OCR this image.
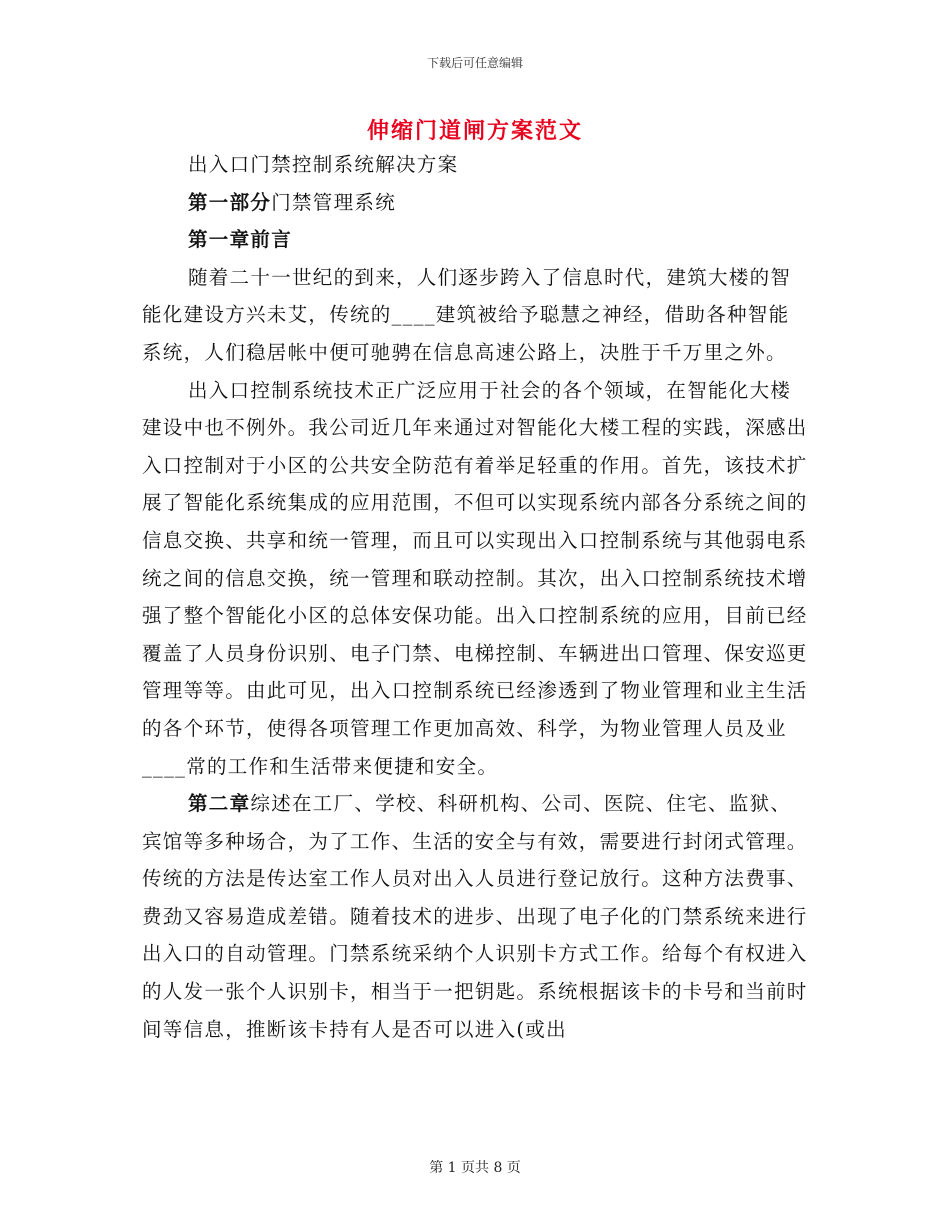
下载后可任意编辑
伸缩门道闸方案范文

出入口门禁控制系统解决方案

第一部分门禁管理系统

第一章前言

随着二十一世纪的到来，人们逐步跨入了信息时代，建筑大楼的智能化建设方兴未艾，传统的____建筑被给予聪慧之神经，借助各种智能系统，人们稳居帐中便可驰骋在信息高速公路上，决胜于千万里之外。

出入口控制系统技术正广泛应用于社会的各个领域，在智能化大楼建设中也不例外。我公司近几年来通过对智能化大楼工程的实践，深感出入口控制对于小区的公共安全防范有着举足轻重的作用。首先，该技术扩展了智能化系统集成的应用范围，不但可以实现系统内部各分系统之间的信息交换、共享和统一管理，而且可以实现出入口控制系统与其他弱电系统之间的信息交换，统一管理和联动控制。其次，出入口控制系统技术增强了整个智能化小区的总体安保功能。出入口控制系统的应用，目前已经覆盖了人员身份识别、电子门禁、电梯控制、车辆进出口管理、保安巡更管理等等。由此可见，出入口控制系统已经渗透到了物业管理和业主生活的各个环节，使得各项管理工作更加高效、科学，为物业管理人员及业____常的工作和生活带来便捷和安全。

第二章综述在工厂、学校、科研机构、公司、医院、住宅、监狱、宾馆等多种场合，为了工作、生活的安全与有效，需要进行封闭式管理。传统的方法是传达室工作人员对出入人员进行登记放行。这种方法费事、费劲又容易造成差错。随着技术的进步、出现了电子化的门禁系统来进行出入口的自动管理。门禁系统采纳个人识别卡方式工作。给每个有权进入的人发一张个人识别卡，相当于一把钥匙。系统根据该卡的卡号和当前时间等信息，推断该卡持有人是否可以进入(或出

第 1 页共 8 页
